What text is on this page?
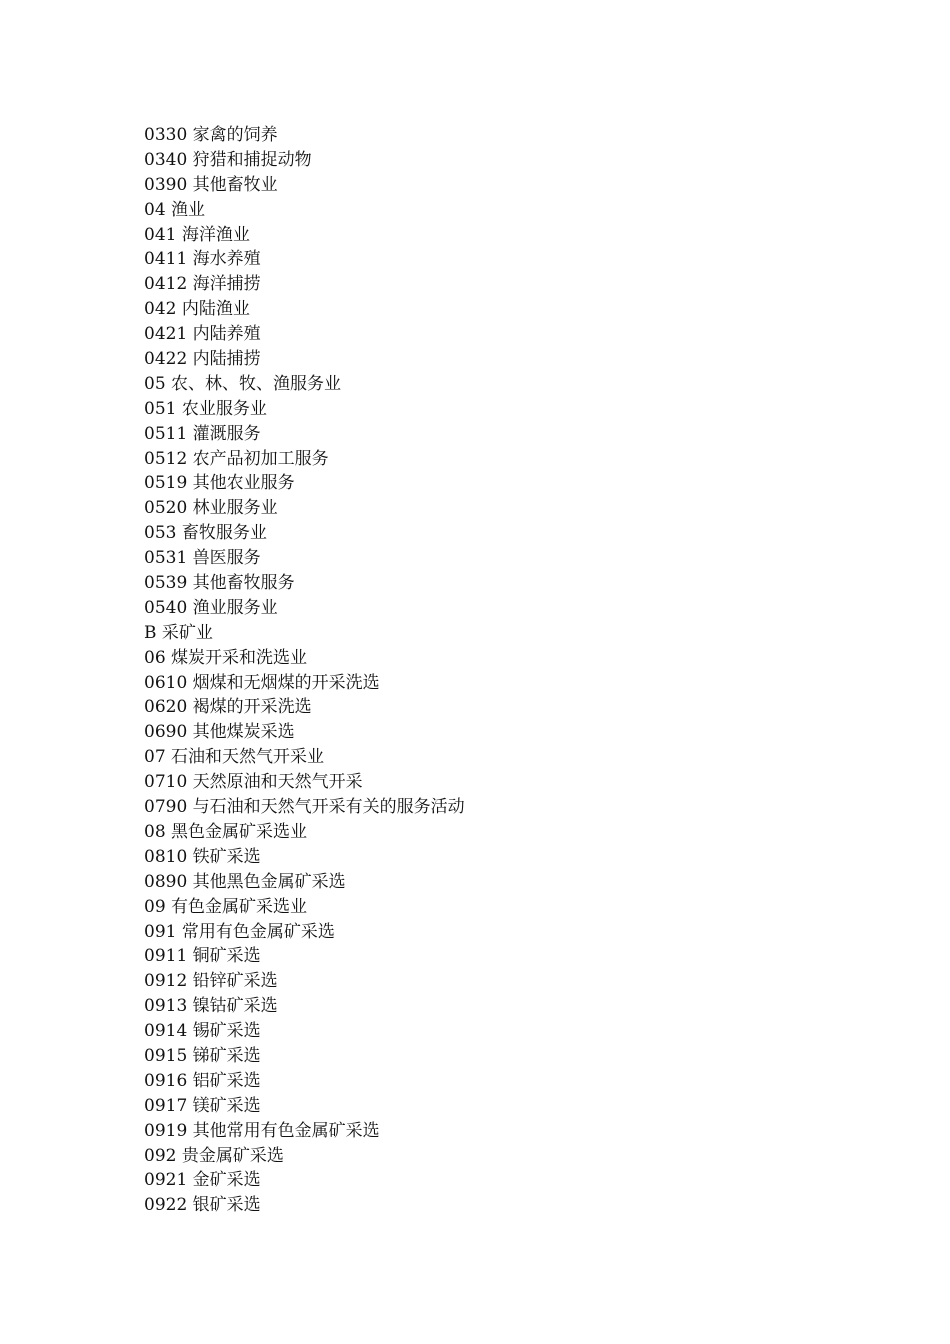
0330 家禽的饲养
0340 狩猎和捕捉动物
0390 其他畜牧业
04 渔业
041 海洋渔业
0411 海水养殖
0412 海洋捕捞
042 内陆渔业
0421 内陆养殖
0422 内陆捕捞
05 农、林、牧、渔服务业
051 农业服务业
0511 灌溉服务
0512 农产品初加工服务
0519 其他农业服务
0520 林业服务业
053 畜牧服务业
0531 兽医服务
0539 其他畜牧服务
0540 渔业服务业
B 采矿业
06 煤炭开采和洗选业
0610 烟煤和无烟煤的开采洗选
0620 褐煤的开采洗选
0690 其他煤炭采选
07 石油和天然气开采业
0710 天然原油和天然气开采
0790 与石油和天然气开采有关的服务活动
08 黑色金属矿采选业
0810 铁矿采选
0890 其他黑色金属矿采选
09 有色金属矿采选业
091 常用有色金属矿采选
0911 铜矿采选
0912 铅锌矿采选
0913 镍钴矿采选
0914 锡矿采选
0915 锑矿采选
0916 铝矿采选
0917 镁矿采选
0919 其他常用有色金属矿采选
092 贵金属矿采选
0921 金矿采选
0922 银矿采选
